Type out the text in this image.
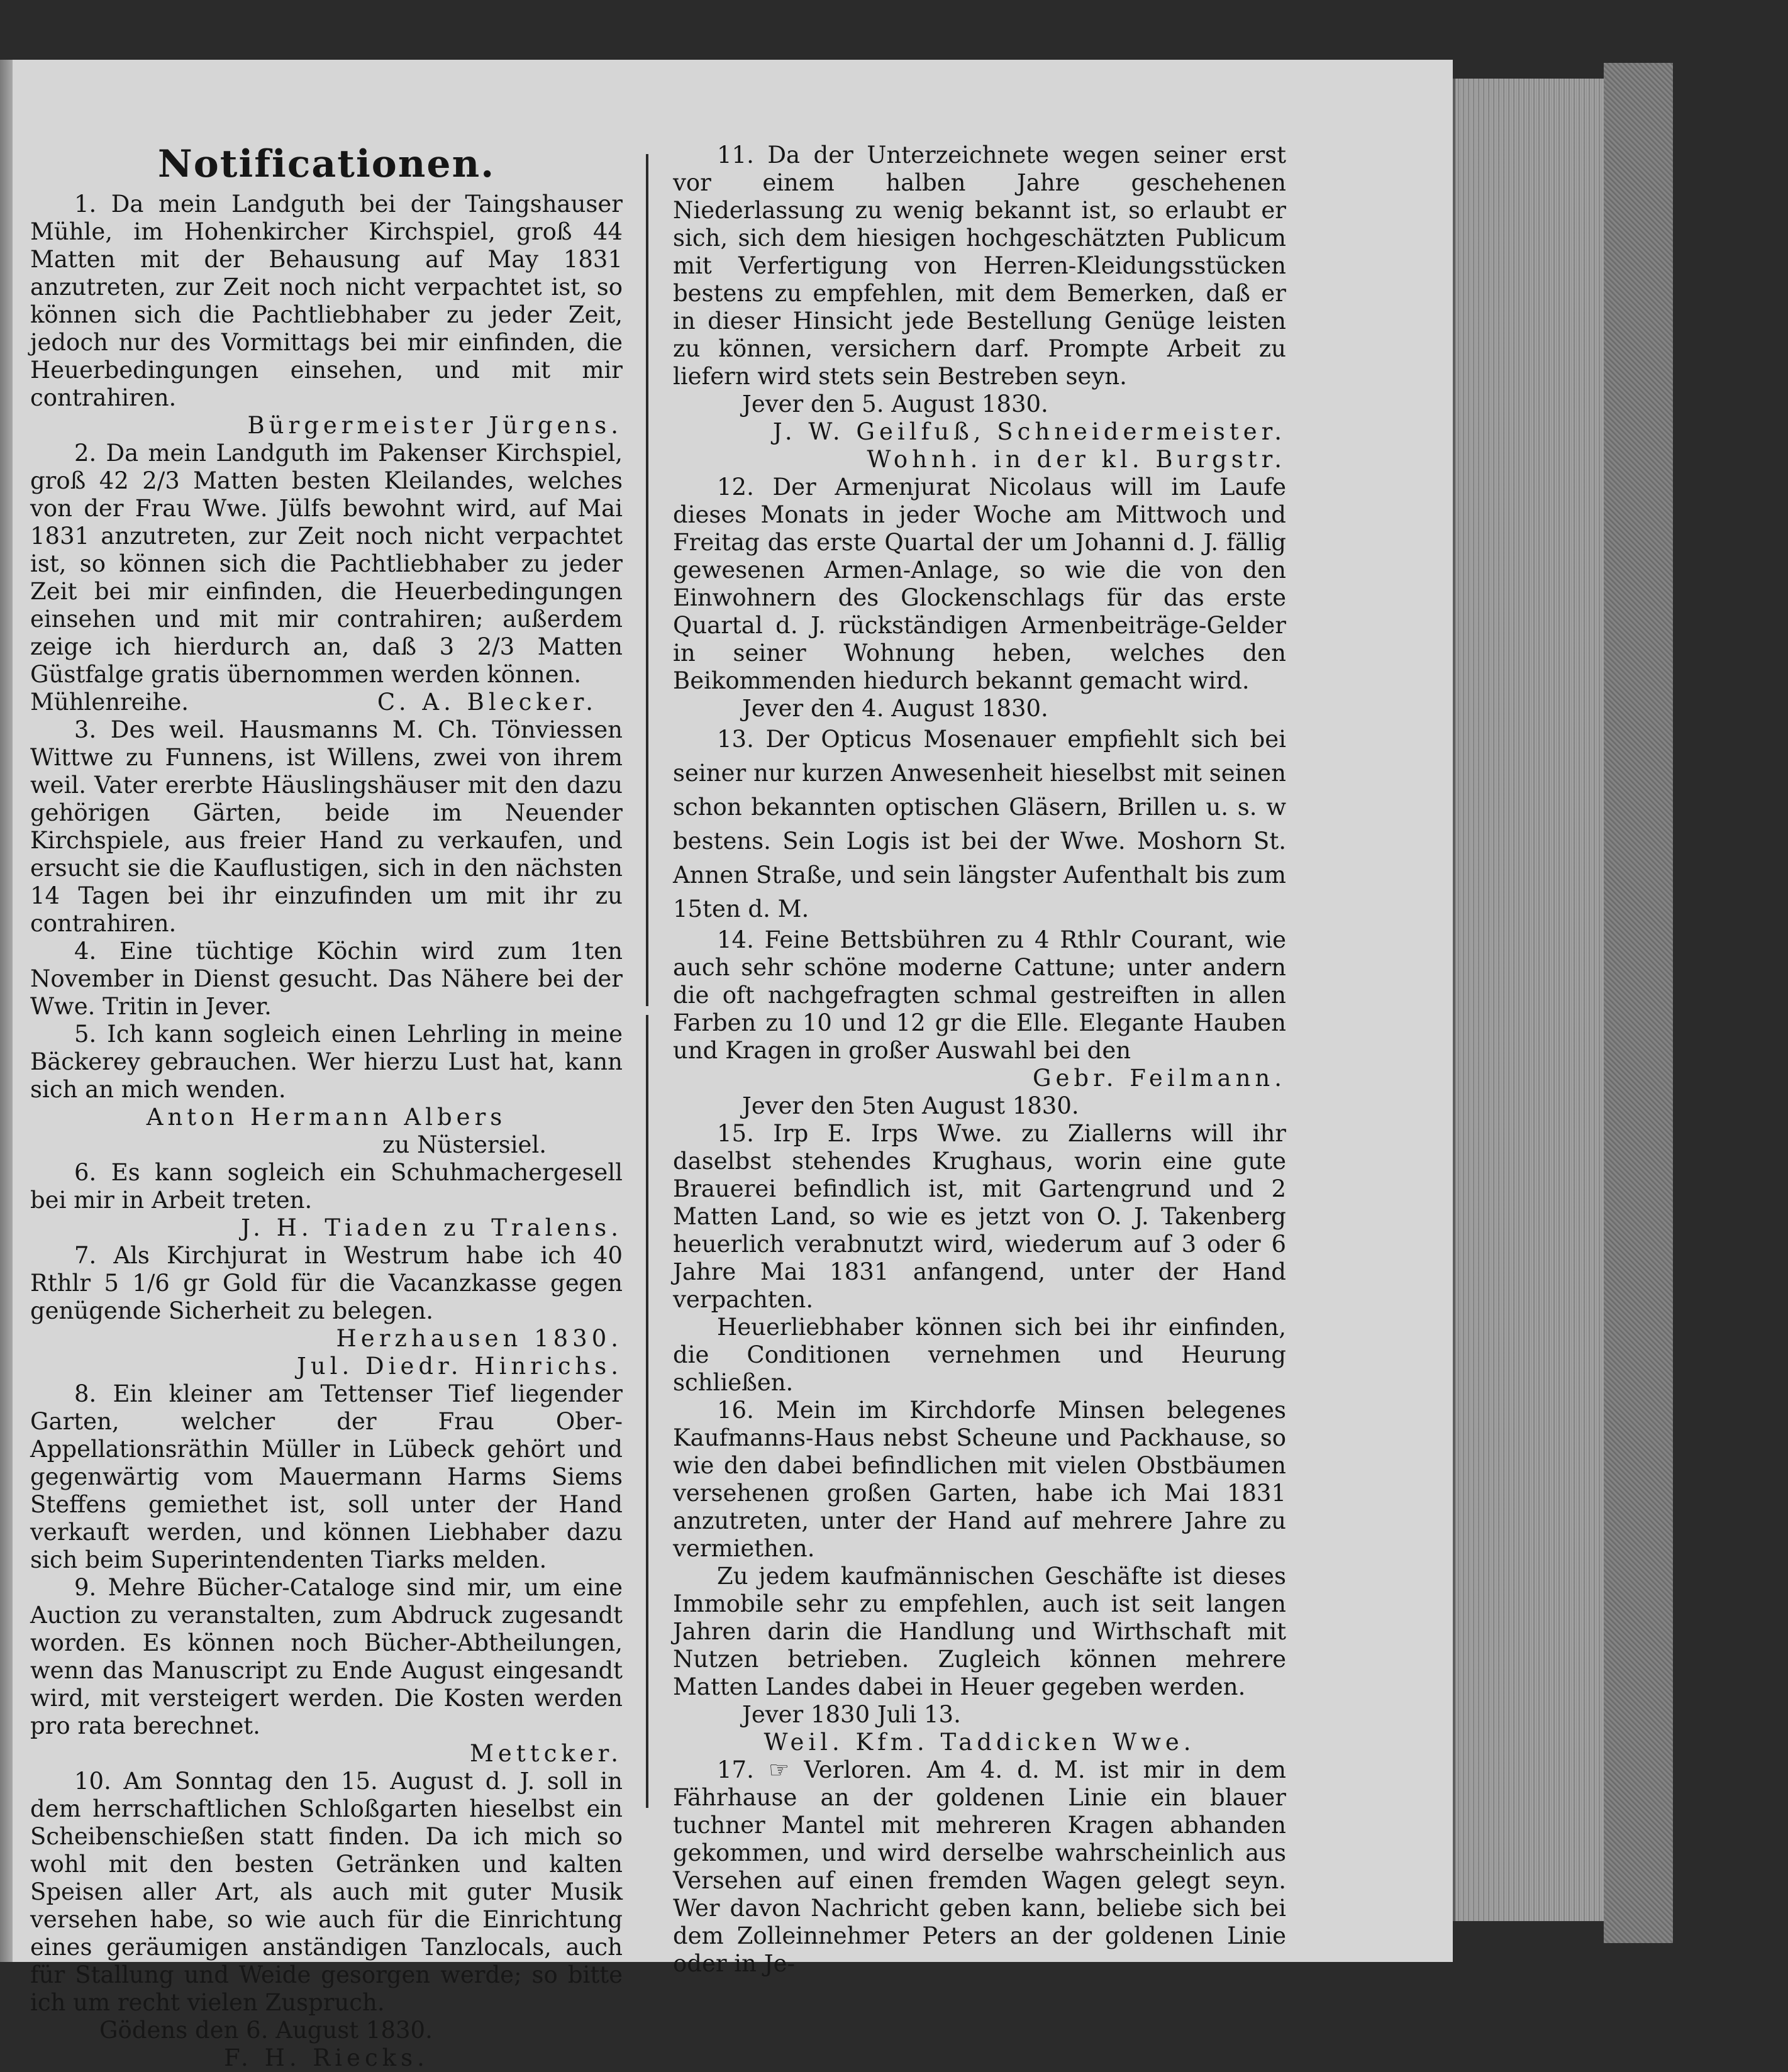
Notificationen.

1. Da mein Landguth bei der Taingshauser Mühle, im Hohenkircher Kirchspiel, groß 44 Matten mit der Behausung auf May 1831 anzutreten, zur Zeit noch nicht verpachtet ist, so können sich die Pachtliebhaber zu jeder Zeit, jedoch nur des Vormittags bei mir einfinden, die Heuerbedingungen einsehen, und mit mir contrahiren.

Bürgermeister Jürgens.

2. Da mein Landguth im Pakenser Kirchspiel, groß 42 2/3 Matten besten Kleilandes, welches von der Frau Wwe. Jülfs bewohnt wird, auf Mai 1831 anzutreten, zur Zeit noch nicht verpachtet ist, so können sich die Pachtliebhaber zu jeder Zeit bei mir einfinden, die Heuerbedingungen einsehen und mit mir contrahiren; außerdem zeige ich hierdurch an, daß 3 2/3 Matten Güstfalge gratis übernommen werden können.

Mühlenreihe.	C. A. Blecker.

3. Des weil. Hausmanns M. Ch. Tönviessen Wittwe zu Funnens, ist Willens, zwei von ihrem weil. Vater ererbte Häuslingshäuser mit den dazu gehörigen Gärten, beide im Neuender Kirchspiele, aus freier Hand zu verkaufen, und ersucht sie die Kauflustigen, sich in den nächsten 14 Tagen bei ihr einzufinden um mit ihr zu contrahiren.

4. Eine tüchtige Köchin wird zum 1ten November in Dienst gesucht. Das Nähere bei der Wwe. Tritin in Jever.

5. Ich kann sogleich einen Lehrling in meine Bäckerey gebrauchen. Wer hierzu Lust hat, kann sich an mich wenden.

Anton Hermann Albers

zu Nüstersiel.

6. Es kann sogleich ein Schuhmachergesell bei mir in Arbeit treten.

J. H. Tiaden zu Tralens.

7. Als Kirchjurat in Westrum habe ich 40 Rthlr 5 1/6 gr Gold für die Vacanzkasse gegen genügende Sicherheit zu belegen.

Herzhausen 1830.

Jul. Diedr. Hinrichs.

8. Ein kleiner am Tettenser Tief liegender Garten, welcher der Frau Ober-Appellationsräthin Müller in Lübeck gehört und gegenwärtig vom Mauermann Harms Siems Steffens gemiethet ist, soll unter der Hand verkauft werden, und können Liebhaber dazu sich beim Superintendenten Tiarks melden.

9. Mehre Bücher-Cataloge sind mir, um eine Auction zu veranstalten, zum Abdruck zugesandt worden. Es können noch Bücher-Abtheilungen, wenn das Manuscript zu Ende August eingesandt wird, mit versteigert werden. Die Kosten werden pro rata berechnet.

Mettcker.

10. Am Sonntag den 15. August d. J. soll in dem herrschaftlichen Schloßgarten hieselbst ein Scheibenschießen statt finden. Da ich mich so wohl mit den besten Getränken und kalten Speisen aller Art, als auch mit guter Musik versehen habe, so wie auch für die Einrichtung eines geräumigen anständigen Tanzlocals, auch für Stallung und Weide gesorgen werde; so bitte ich um recht vielen Zuspruch.

Gödens den 6. August 1830.

F. H. Riecks.

11. Da der Unterzeichnete wegen seiner erst vor einem halben Jahre geschehenen Niederlassung zu wenig bekannt ist, so erlaubt er sich, sich dem hiesigen hochgeschätzten Publicum mit Verfertigung von Herren-Kleidungsstücken bestens zu empfehlen, mit dem Bemerken, daß er in dieser Hinsicht jede Bestellung Genüge leisten zu können, versichern darf. Prompte Arbeit zu liefern wird stets sein Bestreben seyn.

Jever den 5. August 1830.

J. W. Geilfuß, Schneidermeister.

Wohnh. in der kl. Burgstr.

12. Der Armenjurat Nicolaus will im Laufe dieses Monats in jeder Woche am Mittwoch und Freitag das erste Quartal der um Johanni d. J. fällig gewesenen Armen-Anlage, so wie die von den Einwohnern des Glockenschlags für das erste Quartal d. J. rückständigen Armenbeiträge-Gelder in seiner Wohnung heben, welches den Beikommenden hiedurch bekannt gemacht wird.

Jever den 4. August 1830.

13. Der Opticus Mosenauer empfiehlt sich bei seiner nur kurzen Anwesenheit hieselbst mit seinen schon bekannten optischen Gläsern, Brillen u. s. w bestens. Sein Logis ist bei der Wwe. Moshorn St. Annen Straße, und sein längster Aufenthalt bis zum 15ten d. M.

14. Feine Bettsbühren zu 4 Rthlr Courant, wie auch sehr schöne moderne Cattune; unter andern die oft nachgefragten schmal gestreiften in allen Farben zu 10 und 12 gr die Elle. Elegante Hauben und Kragen in großer Auswahl bei den

Gebr. Feilmann.

Jever den 5ten August 1830.

15. Irp E. Irps Wwe. zu Ziallerns will ihr daselbst stehendes Krughaus, worin eine gute Brauerei befindlich ist, mit Gartengrund und 2 Matten Land, so wie es jetzt von O. J. Takenberg heuerlich verabnutzt wird, wiederum auf 3 oder 6 Jahre Mai 1831 anfangend, unter der Hand verpachten.

Heuerliebhaber können sich bei ihr einfinden, die Conditionen vernehmen und Heurung schließen.

16. Mein im Kirchdorfe Minsen belegenes Kaufmanns-Haus nebst Scheune und Packhause, so wie den dabei befindlichen mit vielen Obstbäumen versehenen großen Garten, habe ich Mai 1831 anzutreten, unter der Hand auf mehrere Jahre zu vermiethen.

Zu jedem kaufmännischen Geschäfte ist dieses Immobile sehr zu empfehlen, auch ist seit langen Jahren darin die Handlung und Wirthschaft mit Nutzen betrieben. Zugleich können mehrere Matten Landes dabei in Heuer gegeben werden.

Jever 1830 Juli 13.

Weil. Kfm. Taddicken Wwe.

17. ☞ Verloren. Am 4. d. M. ist mir in dem Fährhause an der goldenen Linie ein blauer tuchner Mantel mit mehreren Kragen abhanden gekommen, und wird derselbe wahrscheinlich aus Versehen auf einen fremden Wagen gelegt seyn. Wer davon Nachricht geben kann, beliebe sich bei dem Zolleinnehmer Peters an der goldenen Linie oder in Je-
